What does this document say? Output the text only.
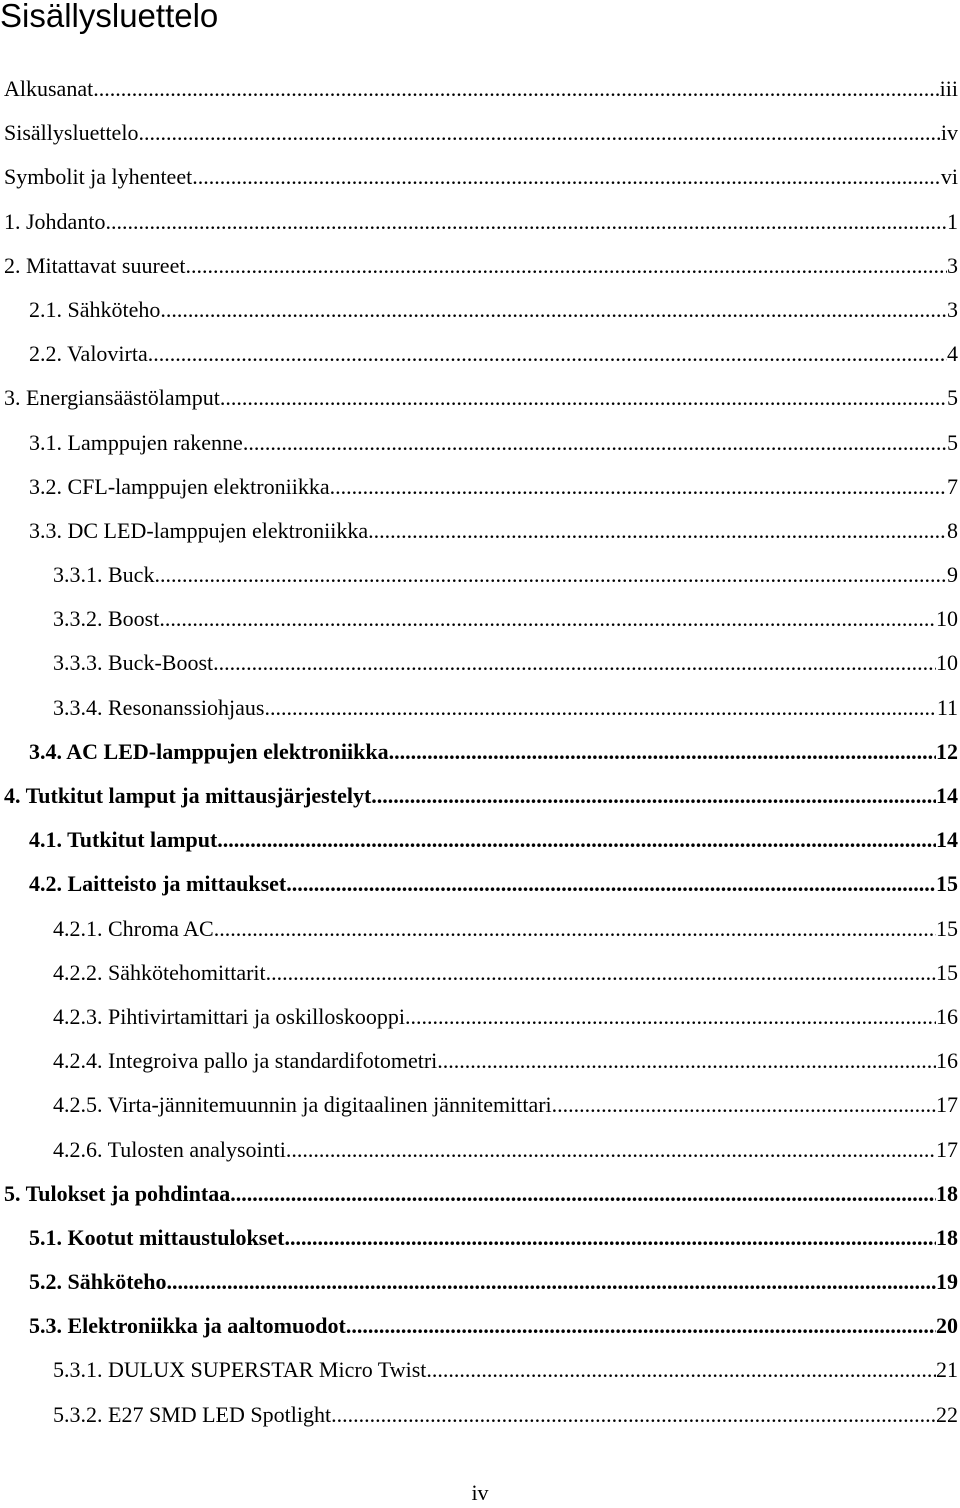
Sisällysluettelo
Alkusanat .....	iii
Sisällysluettelo .....	iv
Symbolit ja lyhenteet .....	vi
1. Johdanto .....	1
2. Mitattavat suureet .....	3
2.1. Sähköteho .....	3
2.2. Valovirta .....	4
3. Energiansäästölamput .....	5
3.1. Lamppujen rakenne .....	5
3.2. CFL-lamppujen elektroniikka .....	7
3.3. DC LED-lamppujen elektroniikka .....	8
3.3.1. Buck .....	9
3.3.2. Boost .....	10
3.3.3. Buck-Boost .....	10
3.3.4. Resonanssiohjaus .....	11
3.4. AC LED-lamppujen elektroniikka .....	12
4. Tutkitut lamput ja mittausjärjestelyt .....	14
4.1. Tutkitut lamput .....	14
4.2. Laitteisto ja mittaukset .....	15
4.2.1. Chroma AC .....	15
4.2.2. Sähkötehomittarit .....	15
4.2.3. Pihtivirtamittari ja oskilloskooppi .....	16
4.2.4. Integroiva pallo ja standardifotometri .....	16
4.2.5. Virta-jännitemuunnin ja digitaalinen jännitemittari .....	17
4.2.6. Tulosten analysointi .....	17
5. Tulokset ja pohdintaa .....	18
5.1. Kootut mittaustulokset .....	18
5.2. Sähköteho .....	19
5.3. Elektroniikka ja aaltomuodot .....	20
5.3.1. DULUX SUPERSTAR Micro Twist .....	21
5.3.2. E27 SMD LED Spotlight .....	22
iv
